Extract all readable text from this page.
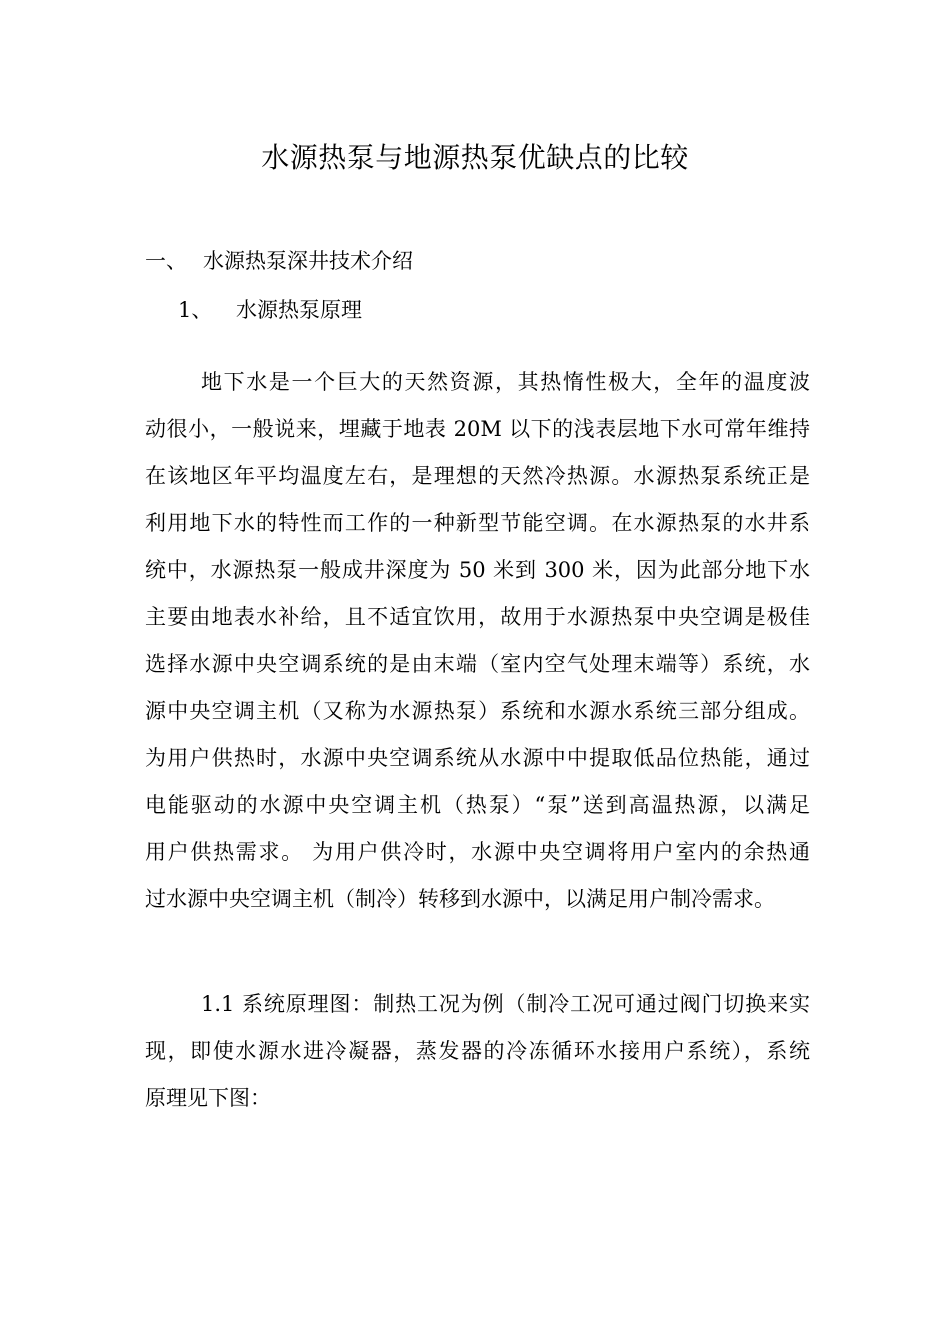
水源热泵与地源热泵优缺点的比较
一、 水源热泵深井技术介绍
1、 水源热泵原理
地下水是一个巨大的天然资源，其热惰性极大，全年的温度波
动很小，一般说来，埋藏于地表 20M 以下的浅表层地下水可常年维持
在该地区年平均温度左右，是理想的天然冷热源。水源热泵系统正是
利用地下水的特性而工作的一种新型节能空调。在水源热泵的水井系
统中，水源热泵一般成井深度为 50 米到 300 米，因为此部分地下水
主要由地表水补给，且不适宜饮用，故用于水源热泵中央空调是极佳
选择水源中央空调系统的是由末端（室内空气处理末端等）系统，水
源中央空调主机（又称为水源热泵）系统和水源水系统三部分组成。
为用户供热时，水源中央空调系统从水源中中提取低品位热能，通过
电能驱动的水源中央空调主机（热泵）“泵”送到高温热源，以满足
用户供热需求。 为用户供冷时，水源中央空调将用户室内的余热通
过水源中央空调主机（制冷）转移到水源中，以满足用户制冷需求。
1.1 系统原理图：制热工况为例（制冷工况可通过阀门切换来实
现，即使水源水进冷凝器，蒸发器的冷冻循环水接用户系统），系统
原理见下图：
